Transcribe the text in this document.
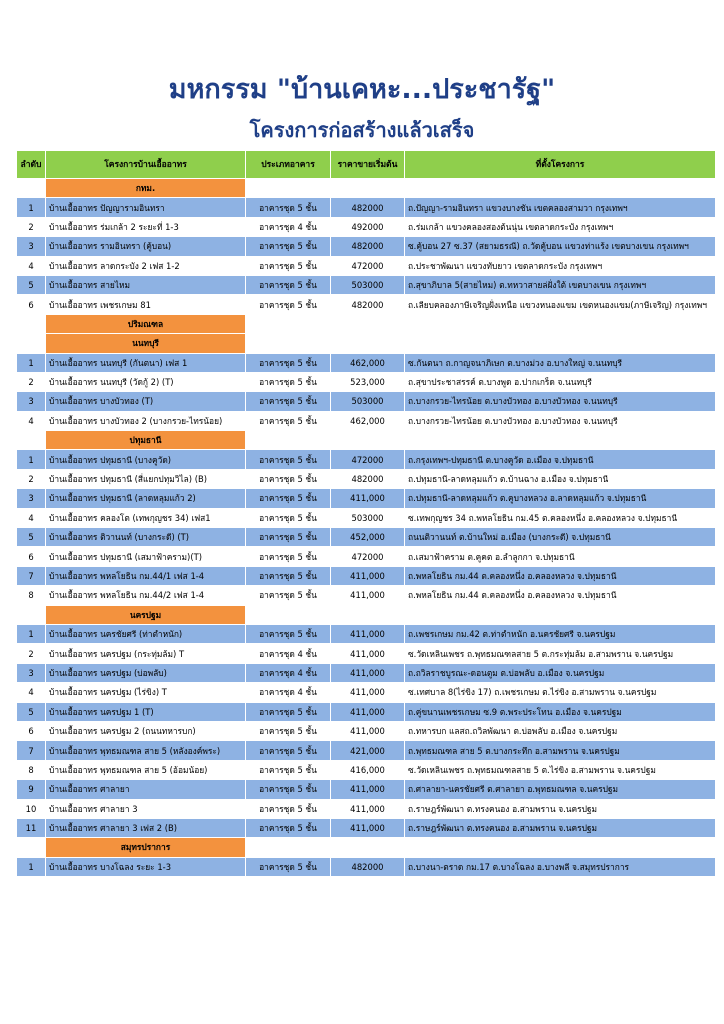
มหกรรม "บ้านเคหะ...ประชารัฐ"
โครงการก่อสร้างแล้วเสร็จ
ลำดับ	โครงการบ้านเอื้ออาทร	ประเภทอาคาร	ราคาขายเริ่มต้น	ที่ตั้งโครงการ
	กทม.			
1	บ้านเอื้ออาทร ปัญญารามอินทรา	อาคารชุด 5 ชั้น	482000	ถ.ปัญญา-รามอินทรา แขวงบางชัน เขตคลองสามวา กรุงเทพฯ
2	บ้านเอื้ออาทร ร่มเกล้า 2 ระยะที่ 1-3	อาคารชุด 4 ชั้น	492000	ถ.ร่มเกล้า แขวงคลองสองต้นนุ่น เขตลาดกระบัง กรุงเทพฯ
3	บ้านเอื้ออาทร รามอินทรา (คู้บอน)	อาคารชุด 5 ชั้น	482000	ซ.คู้บอน 27 ซ.37 (สยามธรณี) ถ.วัดคู้บอน แขวงท่าแร้ง เขตบางเขน กรุงเทพฯ
4	บ้านเอื้ออาทร ลาดกระบัง 2 เฟส 1-2	อาคารชุด 5 ชั้น	472000	ถ.ประชาพัฒนา แขวงทับยาว เขตลาดกระบัง กรุงเทพฯ
5	บ้านเอื้ออาทร สายไหม	อาคารชุด 5 ชั้น	503000	ถ.สุขาภิบาล 5(สายไหม) ต.ทหวาสายล่ฝั่งใต้ เขตบางเขน กรุงเทพฯ
6	บ้านเอื้ออาทร เพชรเกษม 81	อาคารชุด 5 ชั้น	482000	ถ.เลียบคลองภาษีเจริญฝั่งเหนือ แขวงหนองแขม เขตหนองแขม(ภาษีเจริญ) กรุงเทพฯ
	ปริมณฑล			
	นนทบุรี			
1	บ้านเอื้ออาทร นนทบุรี (กันตนา) เฟส 1	อาคารชุด 5 ชั้น	462,000	ซ.กันตนา ถ.กาญจนาภิเษก ต.บางม่วง อ.บางใหญ่ จ.นนทบุรี
2	บ้านเอื้ออาทร นนทบุรี (วัดกู้ 2) (T)	อาคารชุด 5 ชั้น	523,000	ถ.สุขาประชาสรรค์ ต.บางพูด อ.ปากเกร็ด จ.นนทบุรี
3	บ้านเอื้ออาทร บางบัวทอง (T)	อาคารชุด 5 ชั้น	503000	ถ.บางกรวย-ไทรน้อย ต.บางบัวทอง อ.บางบัวทอง จ.นนทบุรี
4	บ้านเอื้ออาทร บางบัวทอง 2 (บางกรวย-ไทรน้อย)	อาคารชุด 5 ชั้น	462,000	ถ.บางกรวย-ไทรน้อย ต.บางบัวทอง อ.บางบัวทอง จ.นนทบุรี
	ปทุมธานี			
1	บ้านเอื้ออาทร ปทุมธานี (บางคูวัด)	อาคารชุด 5 ชั้น	472000	ถ.กรุงเทพฯ-ปทุมธานี ต.บางคูวัด อ.เมือง จ.ปทุมธานี
2	บ้านเอื้ออาทร ปทุมธานี (สี่แยกปทุมวิไล) (B)	อาคารชุด 5 ชั้น	482000	ถ.ปทุมธานี-ลาดหลุมแก้ว ต.บ้านฉาง อ.เมือง จ.ปทุมธานี
3	บ้านเอื้ออาทร ปทุมธานี (ลาดหลุมแก้ว 2)	อาคารชุด 5 ชั้น	411,000	ถ.ปทุมธานี-ลาดหลุมแก้ว ต.คูบางหลวง อ.ลาดหลุมแก้ว จ.ปทุมธานี
4	บ้านเอื้ออาทร คลองโต (เทพกุญชร 34) เฟส1	อาคารชุด 5 ชั้น	503000	ซ.เทพกุญชร 34 ถ.พหลโยธิน กม.45 ต.คลองหนึ่ง อ.คลองหลวง จ.ปทุมธานี
5	บ้านเอื้ออาทร ติวานนท์ (บางกระดี) (T)	อาคารชุด 5 ชั้น	452,000	ถนนติวานนท์ ต.บ้านใหม่ อ.เมือง (บางกระดี) จ.ปทุมธานี
6	บ้านเอื้ออาทร ปทุมธานี (เสมาฟ้าคราม)(T)	อาคารชุด 5 ชั้น	472000	ถ.เสมาฟ้าคราม ต.คูคต อ.ลำลูกกา จ.ปทุมธานี
7	บ้านเอื้ออาทร พหลโยธิน กม.44/1 เฟส 1-4	อาคารชุด 5 ชั้น	411,000	ถ.พหลโยธิน กม.44 ต.คลองหนึ่ง อ.คลองหลวง จ.ปทุมธานี
8	บ้านเอื้ออาทร พหลโยธิน กม.44/2 เฟส 1-4	อาคารชุด 5 ชั้น	411,000	ถ.พหลโยธิน กม.44 ต.คลองหนึ่ง อ.คลองหลวง จ.ปทุมธานี
	นครปฐม			
1	บ้านเอื้ออาทร นครชัยศรี (ท่าตำหนัก)	อาคารชุด 5 ชั้น	411,000	ถ.เพชรเกษม กม.42 ต.ท่าตำหนัก อ.นครชัยศรี จ.นครปฐม
2	บ้านเอื้ออาทร นครปฐม (กระทุ่มล้ม) T	อาคารชุด 4 ชั้น	411,000	ซ.วัดเหลินเพชร ถ.พุทธมณฑลสาย 5 ต.กระทุ่มล้ม อ.สามพราน จ.นครปฐม
3	บ้านเอื้ออาทร นครปฐม (บ่อพลับ)	อาคารชุด 4 ชั้น	411,000	ถ.ถวิลราชบูรณะ-ดอนตูม ต.บ่อพลับ อ.เมือง จ.นครปฐม
4	บ้านเอื้ออาทร นครปฐม (ไร่ขิง) T	อาคารชุด 4 ชั้น	411,000	ซ.เทศบาล 8(ไร่ขิง 17) ถ.เพชรเกษม ต.ไร่ขิง อ.สามพราน จ.นครปฐม
5	บ้านเอื้ออาทร นครปฐม 1 (T)	อาคารชุด 5 ชั้น	411,000	ถ.คู่ขนานเพชรเกษม ซ.9 ต.พระประโทน อ.เมือง จ.นครปฐม
6	บ้านเอื้ออาทร นครปฐม 2 (ถนนทหารบก)	อาคารชุด 5 ชั้น	411,000	ถ.ทหารบก แลสถ.ถวิลพัฒนา ต.บ่อพลับ อ.เมือง จ.นครปฐม
7	บ้านเอื้ออาทร พุทธมณฑล สาย 5 (หลังองค์พระ)	อาคารชุด 5 ชั้น	421,000	ถ.พุทธมณฑล สาย 5 ต.บางกระทึก อ.สามพราน จ.นครปฐม
8	บ้านเอื้ออาทร พุทธมณฑล สาย 5 (อ้อมน้อย)	อาคารชุด 5 ชั้น	416,000	ซ.วัดเหลินเพชร ถ.พุทธมณฑลสาย 5 ต.ไร่ขิง อ.สามพราน จ.นครปฐม
9	บ้านเอื้ออาทร ศาลายา	อาคารชุด 5 ชั้น	411,000	ถ.ศาลายา-นครชัยศรี ต.ศาลายา อ.พุทธมณฑล จ.นครปฐม
10	บ้านเอื้ออาทร ศาลายา 3	อาคารชุด 5 ชั้น	411,000	ถ.ราษฎร์พัฒนา ต.ทรงคนอง อ.สามพราน จ.นครปฐม
11	บ้านเอื้ออาทร ศาลายา 3 เฟส 2 (B)	อาคารชุด 5 ชั้น	411,000	ถ.ราษฎร์พัฒนา ต.ทรงคนอง อ.สามพราน จ.นครปฐม
	สมุทรปราการ			
1	บ้านเอื้ออาทร บางโฉลง ระยะ 1-3	อาคารชุด 5 ชั้น	482000	ถ.บางนา-ตราด กม.17 ต.บางโฉลง อ.บางพลี จ.สมุทรปราการ
